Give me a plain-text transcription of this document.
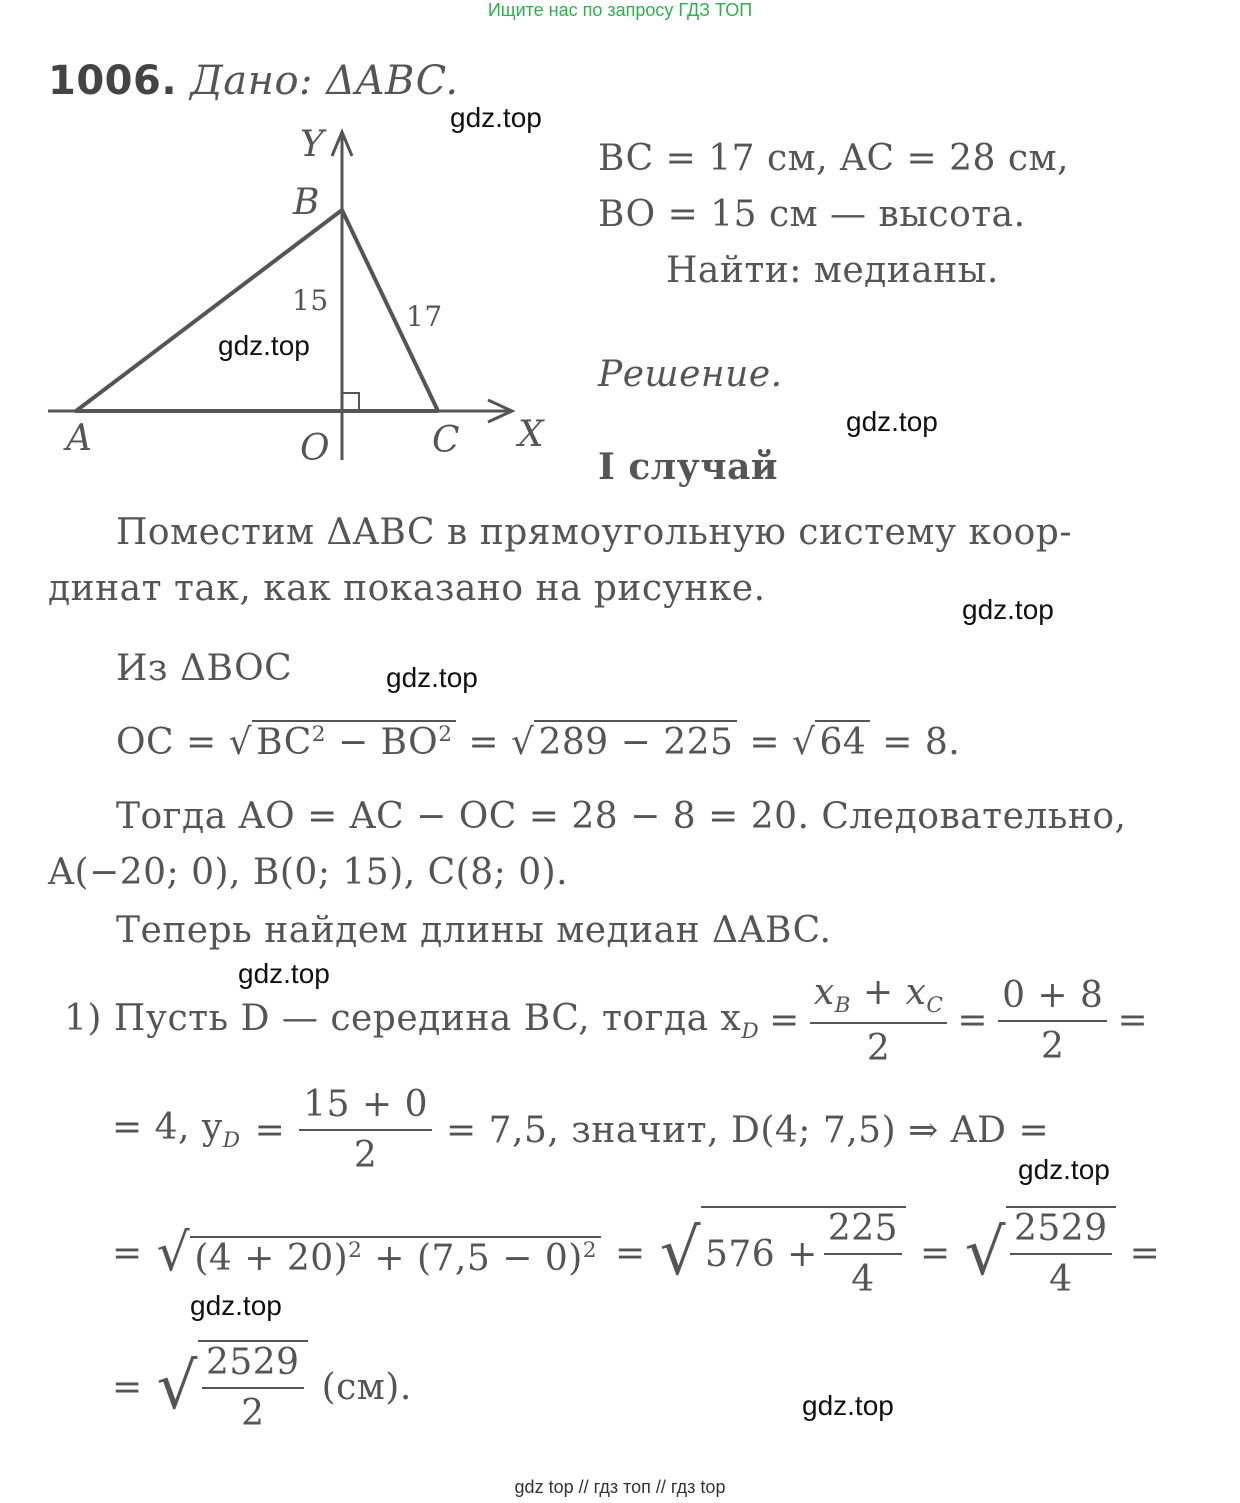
Ищите нас по запросу ГДЗ ТОП
1006. Дано: ΔABC.
Y
X
B
A	C
O
15	17
BC = 17 см, AC = 28 см,
BO = 15 см — высота.
Найти: медианы.
Решение.
I случай
Поместим ΔABC в прямоугольную систему коор-
динат так, как показано на рисунке.
Из ΔBOC
OC = √ $BC^2 - BO^2$ = √ 289 − 225 = √ 64 = 8.
Тогда AO = AC − OC = 28 − 8 = 20. Следовательно,
A(−20; 0), B(0; 15), C(8; 0).
Теперь найдем длины медиан ΔABC.
1) Пусть D — середина BC, тогда $x_D = \frac{x_B + x_C}{2} = \frac{0 + 8}{2}$ =
= 4, $y_D = \frac{15 + 0}{2} = 7,5$, значит, D(4; 7,5) ⇒ AD =
= √ $(4 + 20)^2 + (7,5 - 0)^2$ = √ $576 + \frac{225}{4}$ = √ $\frac{2529}{4}$ =
= √ $\frac{2529}{2} (см)$.
gdz.top
gdz.top
gdz.top
gdz.top
gdz.top
gdz.top
gdz.top
gdz.top
gdz.top
gdz top // гдз топ // гдз top
